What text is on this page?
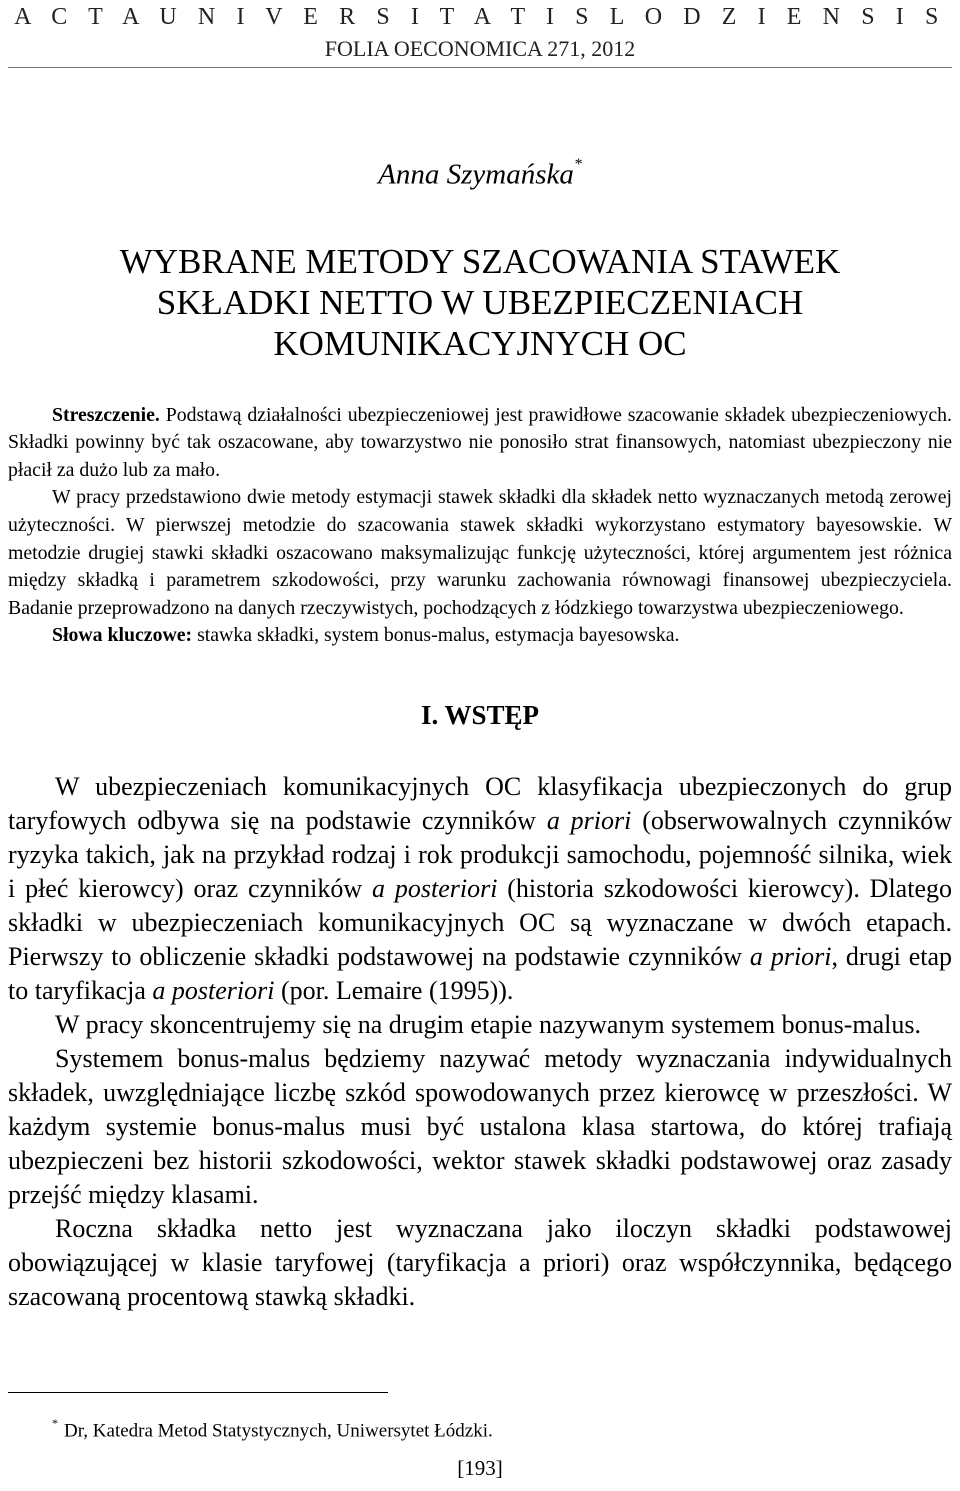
A C T A U N I V E R S I T A T I S L O D Z I E N S I S
FOLIA OECONOMICA 271, 2012
Anna Szymańska*
WYBRANE METODY SZACOWANIA STAWEK
SKŁADKI NETTO W UBEZPIECZENIACH
KOMUNIKACYJNYCH OC

Streszczenie. Podstawą działalności ubezpieczeniowej jest prawidłowe szacowanie składek ubezpieczeniowych. Składki powinny być tak oszacowane, aby towarzystwo nie ponosiło strat finansowych, natomiast ubezpieczony nie płacił za dużo lub za mało.

W pracy przedstawiono dwie metody estymacji stawek składki dla składek netto wyznaczanych metodą zerowej użyteczności. W pierwszej metodzie do szacowania stawek składki wykorzystano estymatory bayesowskie. W metodzie drugiej stawki składki oszacowano maksymalizując funkcję użyteczności, której argumentem jest różnica między składką i parametrem szkodowości, przy warunku zachowania równowagi finansowej ubezpieczyciela. Badanie przeprowadzono na danych rzeczywistych, pochodzących z łódzkiego towarzystwa ubezpieczeniowego.

Słowa kluczowe: stawka składki, system bonus-malus, estymacja bayesowska.

I. WSTĘP

W ubezpieczeniach komunikacyjnych OC klasyfikacja ubezpieczonych do grup taryfowych odbywa się na podstawie czynników a priori (obserwowalnych czynników ryzyka takich, jak na przykład rodzaj i rok produkcji samochodu, pojemność silnika, wiek i płeć kierowcy) oraz czynników a posteriori (historia szkodowości kierowcy). Dlatego składki w ubezpieczeniach komunikacyjnych OC są wyznaczane w dwóch etapach. Pierwszy to obliczenie składki podstawowej na podstawie czynników a priori, drugi etap to taryfikacja a posteriori (por. Lemaire (1995)).

W pracy skoncentrujemy się na drugim etapie nazywanym systemem bonus-malus.

Systemem bonus-malus będziemy nazywać metody wyznaczania indywidualnych składek, uwzględniające liczbę szkód spowodowanych przez kierowcę w przeszłości. W każdym systemie bonus-malus musi być ustalona klasa startowa, do której trafiają ubezpieczeni bez historii szkodowości, wektor stawek składki podstawowej oraz zasady przejść między klasami.

Roczna składka netto jest wyznaczana jako iloczyn składki podstawowej obowiązującej w klasie taryfowej (taryfikacja a priori) oraz współczynnika, będącego szacowaną procentową stawką składki.

* Dr, Katedra Metod Statystycznych, Uniwersytet Łódzki.
[193]
